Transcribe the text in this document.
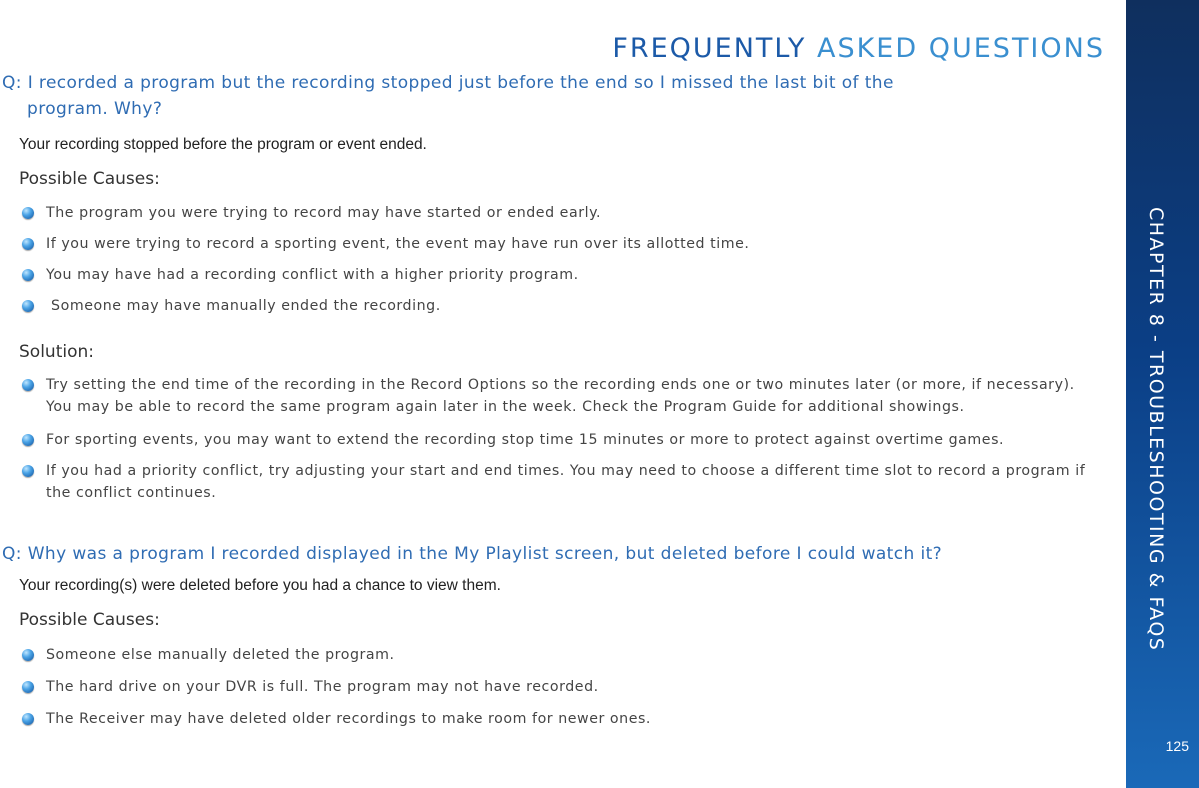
FREQUENTLY ASKED QUESTIONS
CHAPTER 8 - TROUBLESHOOTING & FAQS
125
Q: I recorded a program but the recording stopped just before the end so I missed the last bit of the
program. Why?
Your recording stopped before the program or event ended.
Possible Causes:
The program you were trying to record may have started or ended early.
If you were trying to record a sporting event, the event may have run over its allotted time.
You may have had a recording conflict with a higher priority program.
Someone may have manually ended the recording.
Solution:
Try setting the end time of the recording in the Record Options so the recording ends one or two minutes later (or more, if necessary). You may be able to record the same program again later in the week. Check the Program Guide for additional showings.
For sporting events, you may want to extend the recording stop time 15 minutes or more to protect against overtime games.
If you had a priority conflict, try adjusting your start and end times. You may need to choose a different time slot to record a program if the conflict continues.
Q: Why was a program I recorded displayed in the My Playlist screen, but deleted before I could watch it?
Your recording(s) were deleted before you had a chance to view them.
Possible Causes:
Someone else manually deleted the program.
The hard drive on your DVR is full. The program may not have recorded.
The Receiver may have deleted older recordings to make room for newer ones.
